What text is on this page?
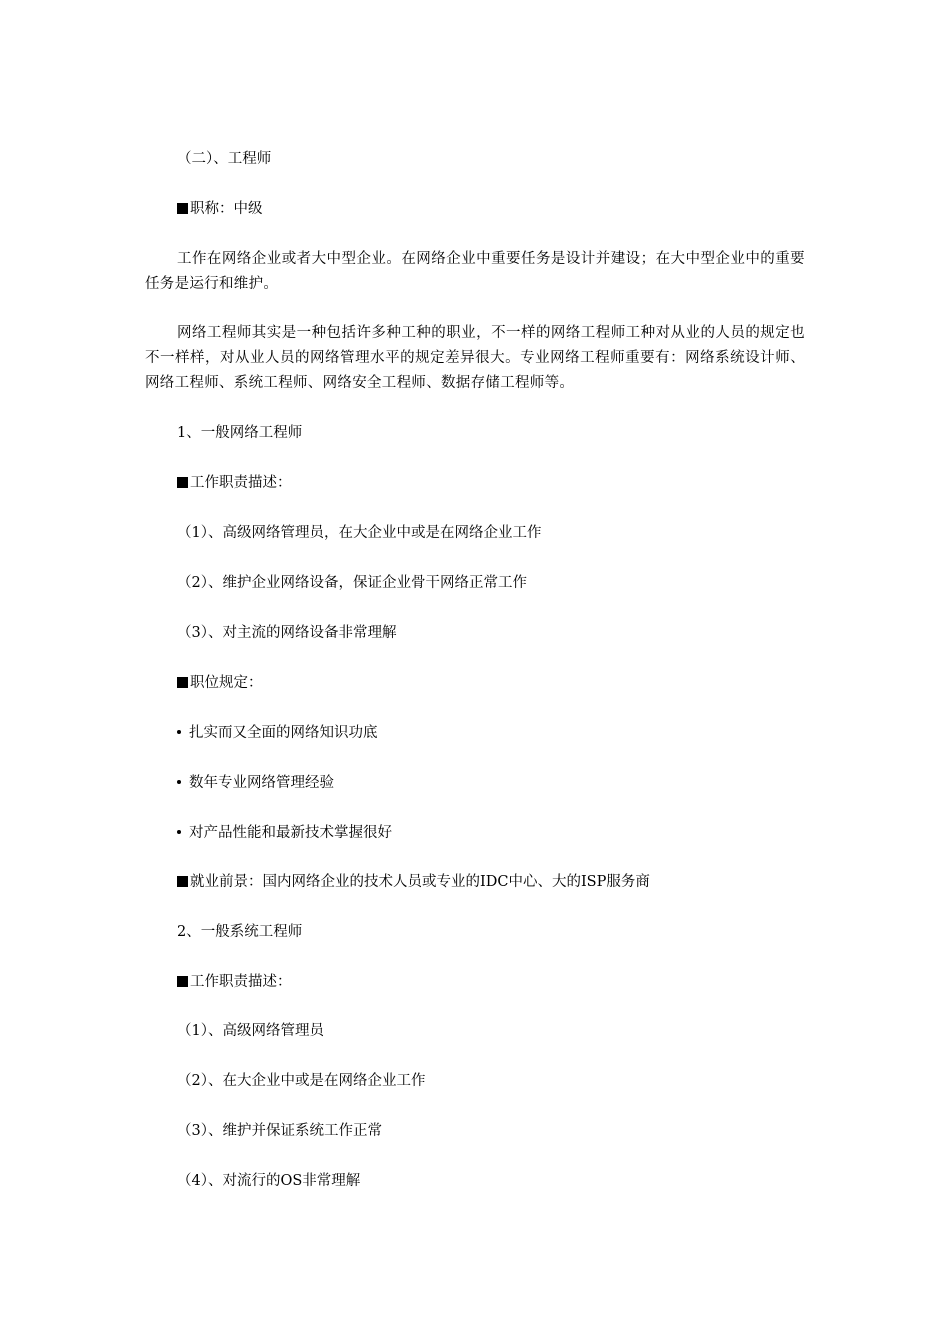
（二）、工程师
职称：中级
工作在网络企业或者大中型企业。在网络企业中重要任务是设计并建设；在大中型企业中的重要任务是运行和维护。
网络工程师其实是一种包括许多种工种的职业，不一样的网络工程师工种对从业的人员的规定也不一样样，对从业人员的网络管理水平的规定差异很大。专业网络工程师重要有：网络系统设计师、网络工程师、系统工程师、网络安全工程师、数据存储工程师等。
1、一般网络工程师
工作职责描述：
（1）、高级网络管理员，在大企业中或是在网络企业工作
（2）、维护企业网络设备，保证企业骨干网络正常工作
（3）、对主流的网络设备非常理解
职位规定：
扎实而又全面的网络知识功底
数年专业网络管理经验
对产品性能和最新技术掌握很好
就业前景：国内网络企业的技术人员或专业的IDC中心、大的ISP服务商
2、一般系统工程师
工作职责描述：
（1）、高级网络管理员
（2）、在大企业中或是在网络企业工作
（3）、维护并保证系统工作正常
（4）、对流行的OS非常理解
